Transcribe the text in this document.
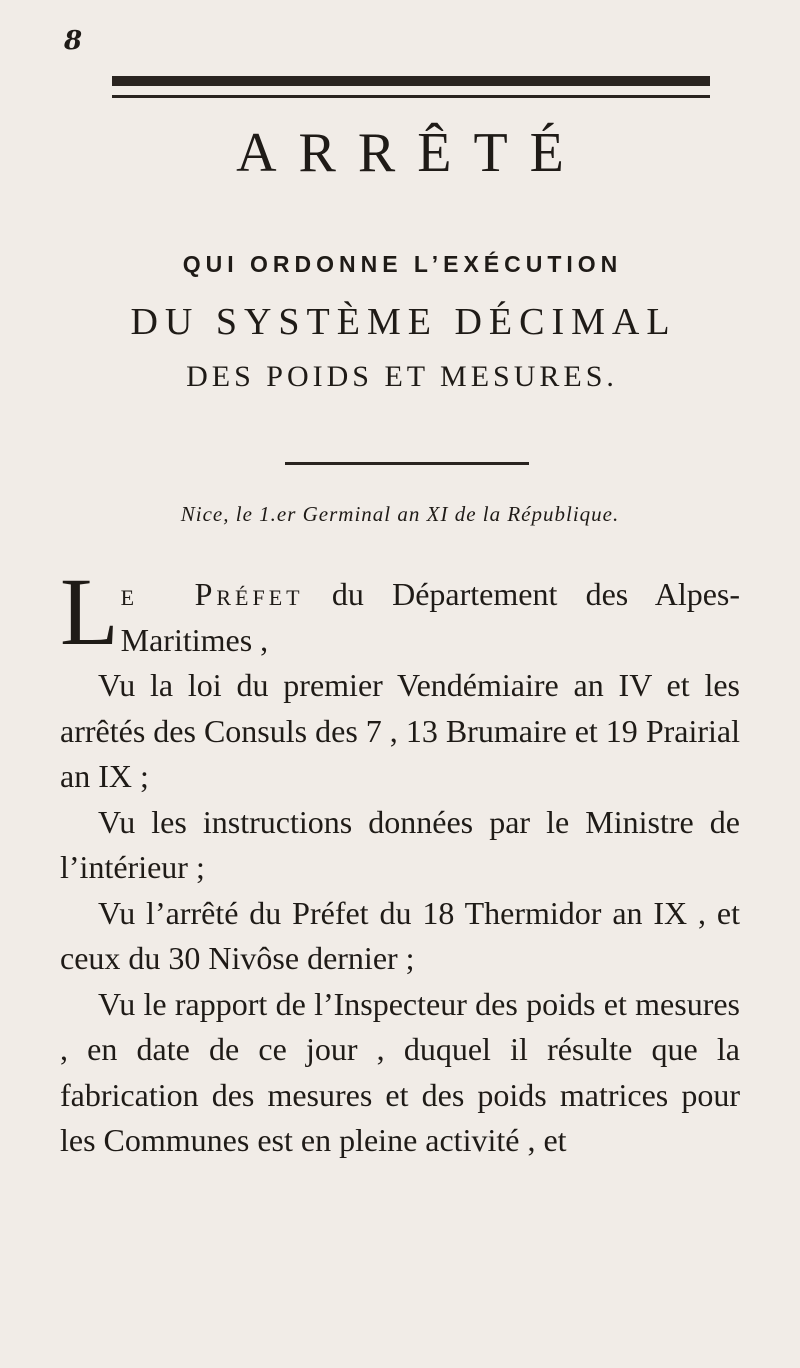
8
ARRÊTÉ
QUI ORDONNE L’EXÉCUTION
DU SYSTÈME DÉCIMAL
DES POIDS ET MESURES.
Nice, le 1.er Germinal an XI de la République.

Le Préfet du Département des Alpes-Maritimes ,

Vu la loi du premier Vendémiaire an IV et les arrêtés des Consuls des 7 , 13 Brumaire et 19 Prairial an IX ;

Vu les instructions données par le Ministre de l’intérieur ;

Vu l’arrêté du Préfet du 18 Thermidor an IX , et ceux du 30 Nivôse dernier ;

Vu le rapport de l’Inspecteur des poids et mesures , en date de ce jour , duquel il résulte que la fabrication des mesures et des poids matrices pour les Communes est en pleine activité , et
